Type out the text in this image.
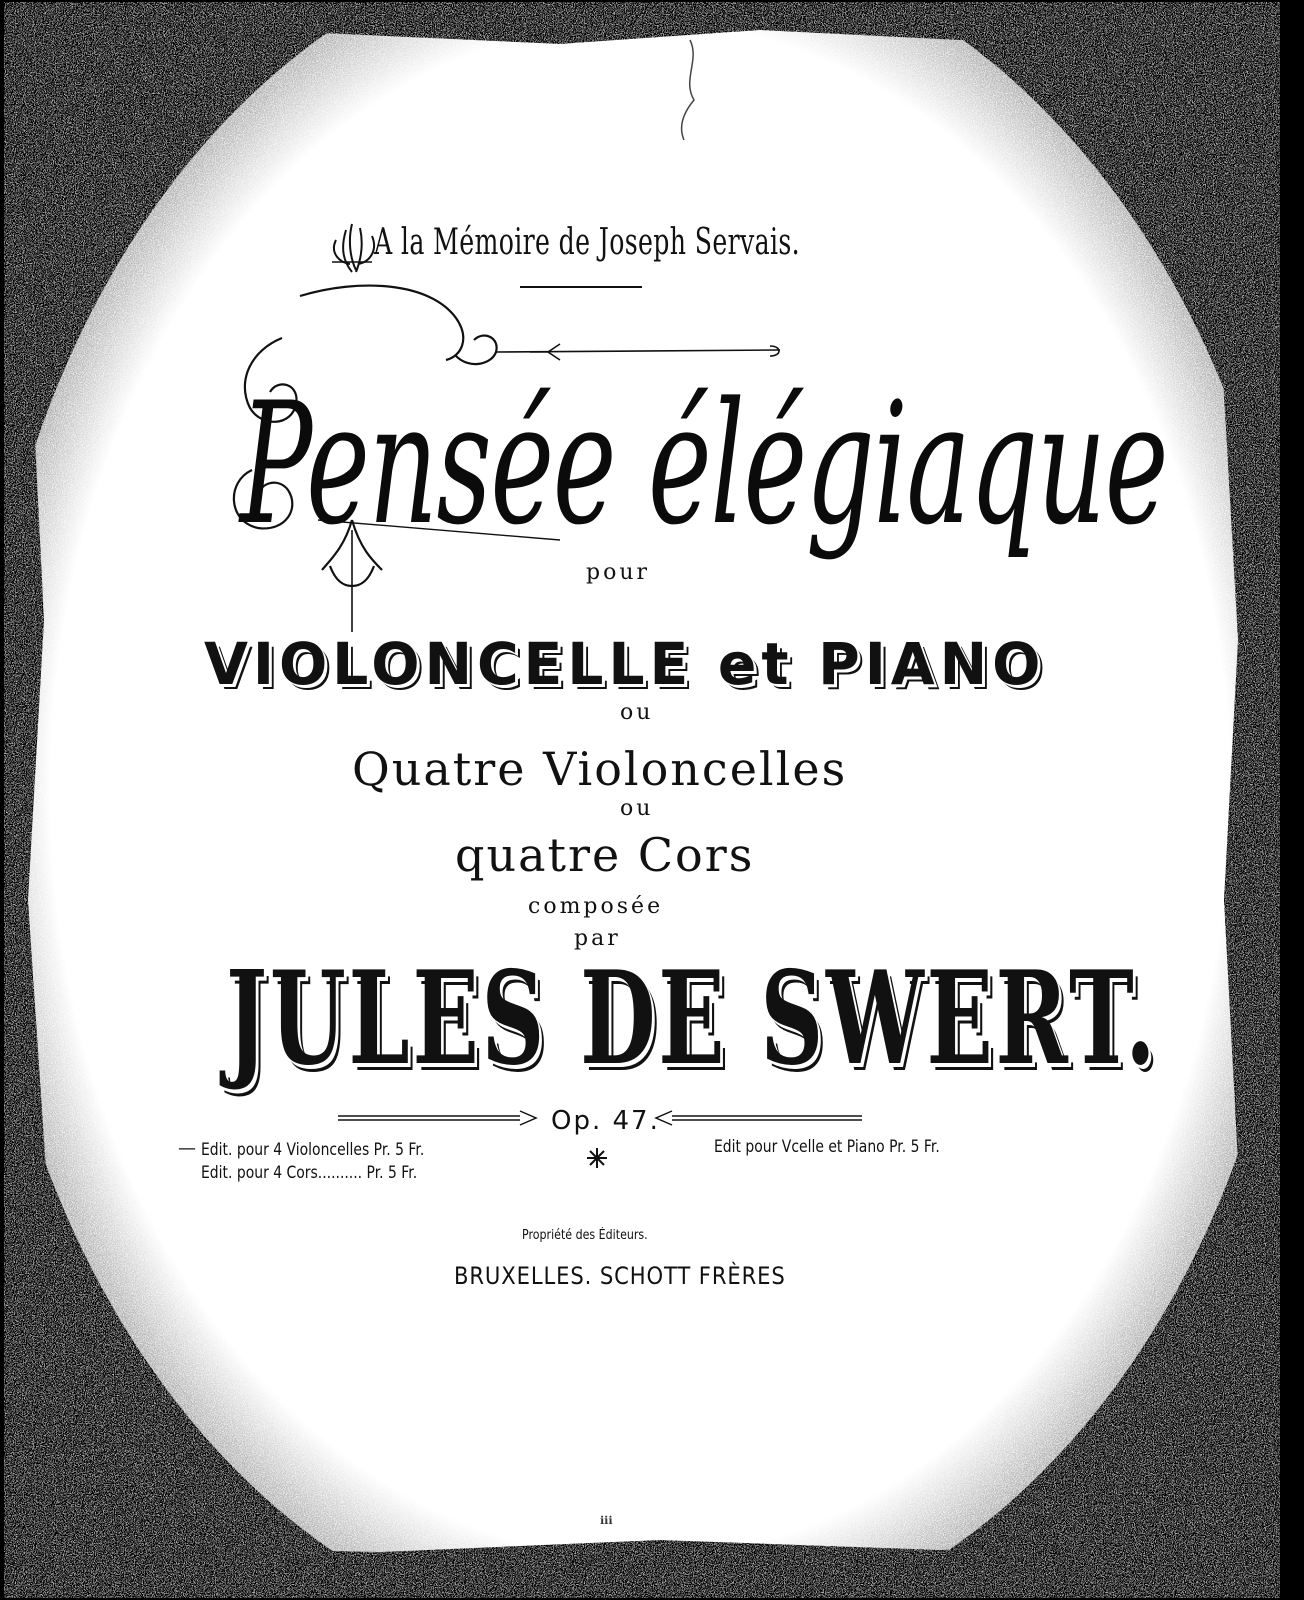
ℹℹℹ
A la Mémoire de Joseph Servais.
Pensée élégiaque
pour
VIOLONCELLE et PIANO
ou
Quatre Violoncelles
ou
quatre Cors
composée
par
JULES DE SWERT.
Op. 47.
— Edit. pour 4 Violoncelles Pr. 5 Fr.
Edit. pour 4 Cors.......... Pr. 5 Fr.
Edit pour Vcelle et Piano Pr. 5 Fr.
Propriété des Éditeurs.
BRUXELLES. SCHOTT FRÈRES
